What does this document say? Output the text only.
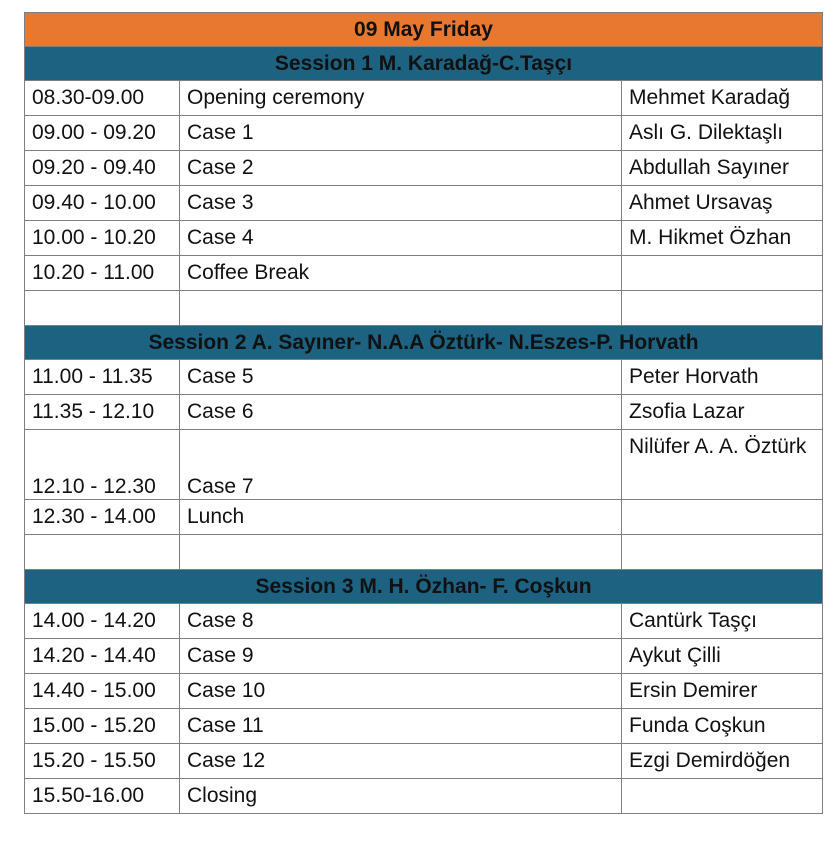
09 May Friday		
Session 1 M. Karadağ-C.Taşçı		
08.30-09.00	Opening ceremony	Mehmet Karadağ
09.00 - 09.20	Case 1	Aslı G. Dilektaşlı
09.20 - 09.40	Case 2	Abdullah Sayıner
09.40 - 10.00	Case 3	Ahmet Ursavaş
10.00 - 10.20	Case 4	M. Hikmet Özhan
10.20 - 11.00	Coffee Break	

Session 2 A. Sayıner- N.A.A Öztürk- N.Eszes-P. Horvath		
11.00 - 11.35	Case 5	Peter Horvath
11.35 - 12.10	Case 6	Zsofia Lazar
12.10 - 12.30	Case 7	Nilüfer A. A. Öztürk
12.30 - 14.00	Lunch	

Session 3 M. H. Özhan- F. Coşkun		
14.00 - 14.20	Case 8	Cantürk Taşçı
14.20 - 14.40	Case 9	Aykut Çilli
14.40 - 15.00	Case 10	Ersin Demirer
15.00 - 15.20	Case 11	Funda Coşkun
15.20 - 15.50	Case 12	Ezgi Demirdöğen
15.50-16.00	Closing	
